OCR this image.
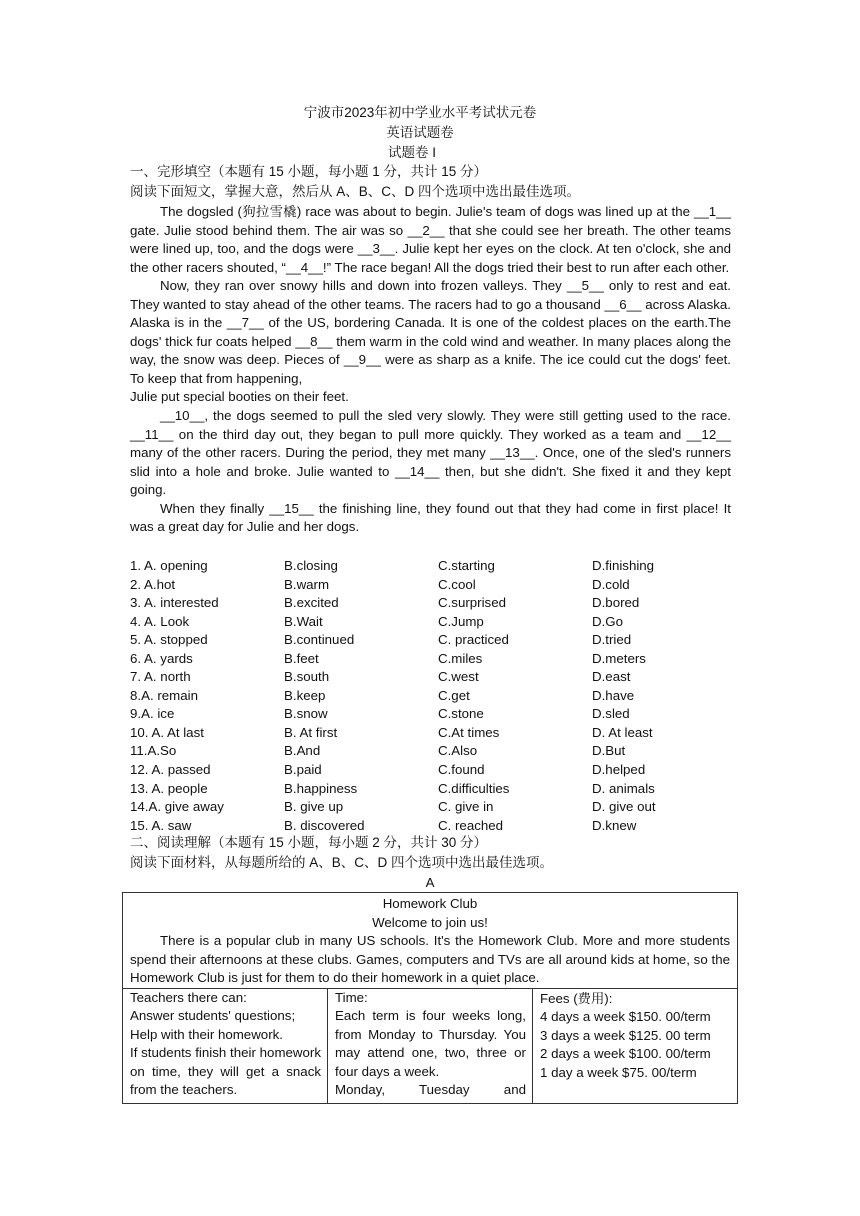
宁波市2023年初中学业水平考试状元卷
英语试题卷
试题卷 I
一、完形填空（本题有 15 小题，每小题 1 分，共计 15 分）
阅读下面短文，掌握大意，然后从 A、B、C、D 四个选项中选出最佳选项。

The dogsled (狗拉雪橇) race was about to begin. Julie's team of dogs was lined up at the __1__ gate. Julie stood behind them. The air was so __2__ that she could see her breath. The other teams were lined up, too, and the dogs were __3__. Julie kept her eyes on the clock. At ten o'clock, she and the other racers shouted, “__4__!” The race began! All the dogs tried their best to run after each other.

Now, they ran over snowy hills and down into frozen valleys. They __5__ only to rest and eat. They wanted to stay ahead of the other teams. The racers had to go a thousand __6__ across Alaska. Alaska is in the __7__ of the US, bordering Canada. It is one of the coldest places on the earth.The dogs' thick fur coats helped __8__ them warm in the cold wind and weather. In many places along the way, the snow was deep. Pieces of __9__ were as sharp as a knife. The ice could cut the dogs' feet. To keep that from happening,

Julie put special booties on their feet.

__10__, the dogs seemed to pull the sled very slowly. They were still getting used to the race. __11__ on the third day out, they began to pull more quickly. They worked as a team and __12__ many of the other racers. During the period, they met many __13__. Once, one of the sled's runners slid into a hole and broke. Julie wanted to __14__ then, but she didn't. She fixed it and they kept going.

When they finally __15__ the finishing line, they found out that they had come in first place! It was a great day for Julie and her dogs.

1. A. opening	B.closing	C.starting	D.finishing
2. A.hot	B.warm	C.cool	D.cold
3. A. interested	B.excited	C.surprised	D.bored
4. A. Look	B.Wait	C.Jump	D.Go
5. A. stopped	B.continued	C. practiced	D.tried
6. A. yards	B.feet	C.miles	D.meters
7. A. north	B.south	C.west	D.east
8.A. remain	B.keep	C.get	D.have
9.A. ice	B.snow	C.stone	D.sled
10. A. At last	B. At first	C.At times	D. At least
11.A.So	B.And	C.Also	D.But
12. A. passed	B.paid	C.found	D.helped
13. A. people	B.happiness	C.difficulties	D. animals
14.A. give away	B. give up	C. give in	D. give out
15. A. saw	B. discovered	C. reached	D.knew
二、阅读理解（本题有 15 小题，每小题 2 分，共计 30 分）
阅读下面材料，从每题所给的 A、B、C、D 四个选项中选出最佳选项。
A

Homework Club

Welcome to join us!

There is a popular club in many US schools. It's the Homework Club. More and more students spend their afternoons at these clubs. Games, computers and TVs are all around kids at home, so the Homework Club is just for them to do their homework in a quiet place.

Teachers there can:

Answer students' questions;

Help with their homework.

If students finish their homework on time, they will get a snack from the teachers.

Time:

Each term is four weeks long, from Monday to Thursday. You may attend one, two, three or four days a week.

Monday, Tuesday and

Fees (费用):

4 days a week $150. 00/term

3 days a week $125. 00 term

2 days a week $100. 00/term

1 day a week $75. 00/term
